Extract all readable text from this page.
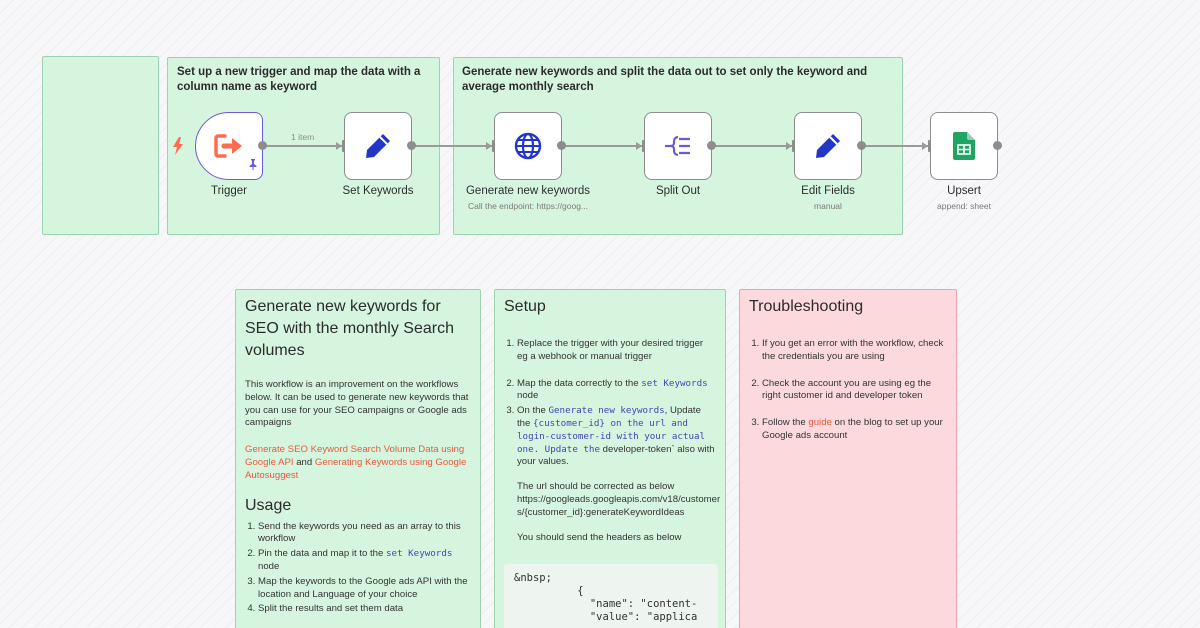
Set up a new trigger and map the data with a column name as keyword
Generate new keywords and split the data out to set only the keyword and average monthly search
1 item
Trigger	Set Keywords	Generate new keywords
Call the endpoint: https://goog...
Split Out	Edit Fields
manual
Upsert
append: sheet
Generate new keywords for SEO with the monthly Search volumes

This workflow is an improvement on the workflows below. It can be used to generate new keywords that you can use for your SEO campaigns or Google ads campaigns

Generate SEO Keyword Search Volume Data using Google API and Generating Keywords using Google Autosuggest

Usage
1. Send the keywords you need as an array to this workflow
2. Pin the data and map it to the set Keywords node
3. Map the keywords to the Google ads API with the location and Language of your choice
4. Split the results and set them data
Setup
1. Replace the trigger with your desired trigger eg a webhook or manual trigger
2. Map the data correctly to the set Keywords node
3. On the Generate new keywords, Update the {customer_id} on the url and login-customer-id with your actual one. Update the developer-token` also with your values.

The url should be corrected as below

https://googleads.googleapis.com/v18/customers/{customer_id}:generateKeywordIdeas

You should send the headers as below

&nbsp;
{
"name": "content-
"value": "applica
Troubleshooting
1. If you get an error with the workflow, check the credentials you are using
2. Check the account you are using eg the right customer id and developer token
3. Follow the guide on the blog to set up your Google ads account
